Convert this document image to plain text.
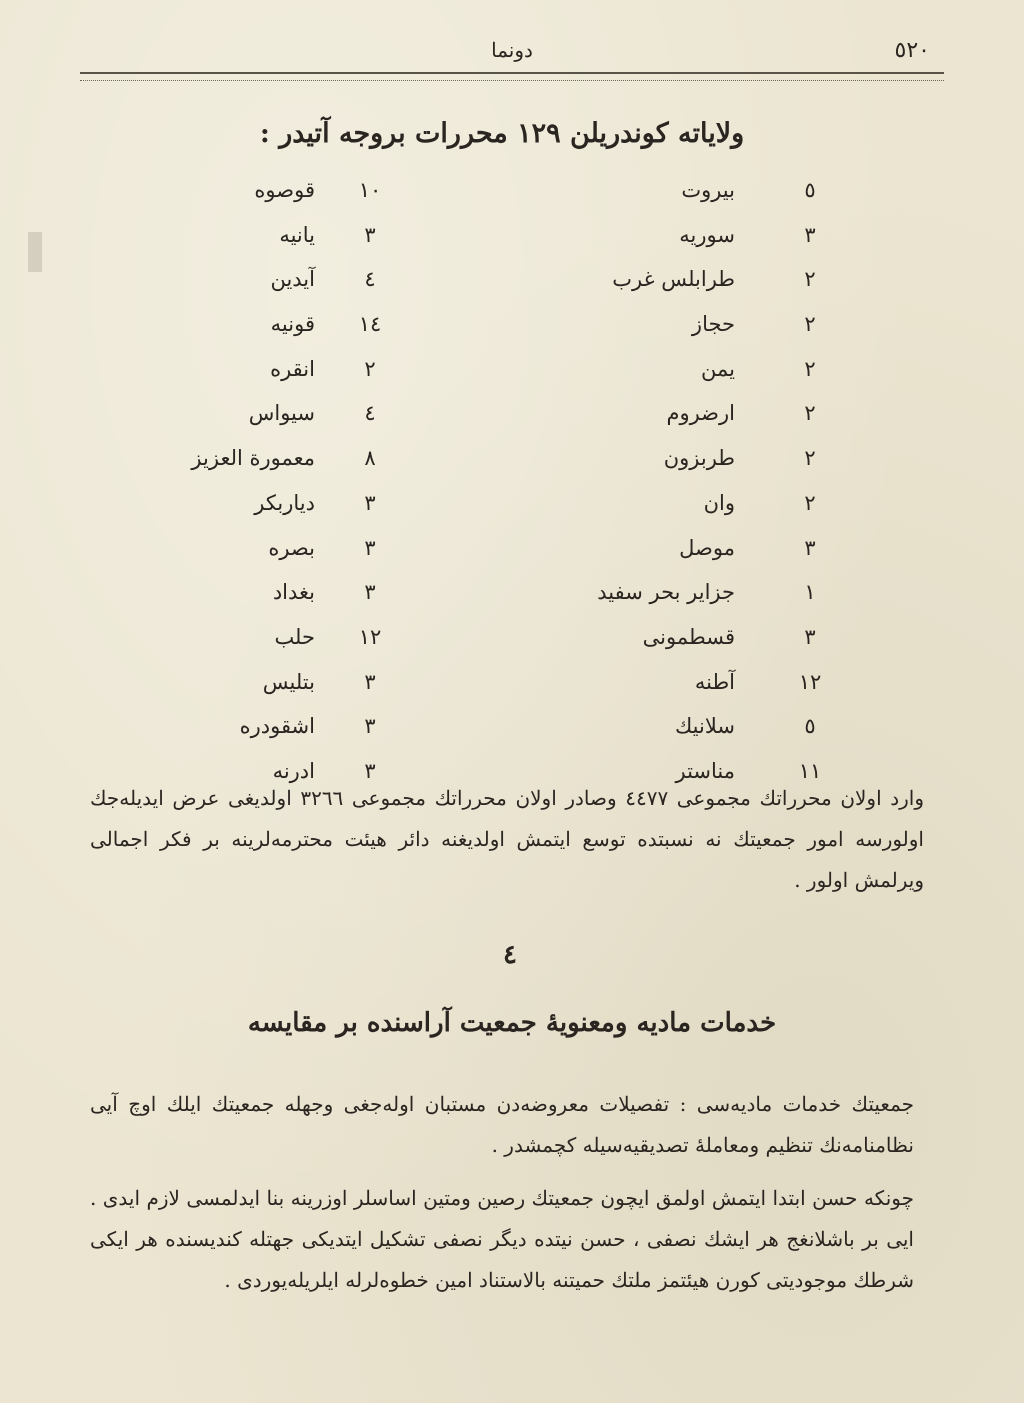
٥٢٠
دونما
ولایاته کوندریلن ١٢٩ محررات بروجه آتیدر :
٥
بیروت
١٠
قوصوه
٣
سوریه
٣
یانیه
٢
طرابلس غرب
٤
آیدین
٢
حجاز
١٤
قونیه
٢
یمن
٢
انقره
٢
ارضروم
٤
سیواس
٢
طربزون
٨
معمورة العزیز
٢
وان
٣
دیاربکر
٣
موصل
٣
بصره
١
جزایر بحر سفید
٣
بغداد
٣
قسطمونی
١٢
حلب
١٢
آطنه
٣
بتلیس
٥
سلانیك
٣
اشقودره
١١
مناستر
٣
ادرنه
وارد اولان محرراتك مجموعی ٤٤٧٧ وصادر اولان محرراتك مجموعی ٣٢٦٦ اولدیغی عرض ایدیله‌جك اولورسه امور جمعیتك نه نسبتده توسع ایتمش اولدیغنه دائر هیئت محترمه‌لرینه بر فکر اجمالی ویرلمش اولور .
٤
خدمات مادیه ومعنویهٔ جمعیت آراسنده بر مقایسه
جمعیتك خدمات مادیه‌سی : تفصیلات معروضه‌دن مستبان اوله‌جغی وجهله جمعیتك ایلك اوچ آیی نظامنامه‌نك تنظیم ومعامله‌ٔ تصدیقیه‌سیله کچمشدر .
چونکه حسن ابتدا ایتمش اولمق ایچون جمعیتك رصین ومتین اساسلر اوزرینه بنا ایدلمسی لازم ایدی . ایی بر باشلانغج هر ایشك نصفی ، حسن نیتده دیگر نصفی تشکیل ایتدیکی جهتله کندیسنده هر ایکی شرطك موجودیتی کورن هیئتمز ملتك حمیتنه بالاستناد امین خطوه‌لرله ایلریله‌یوردی .
